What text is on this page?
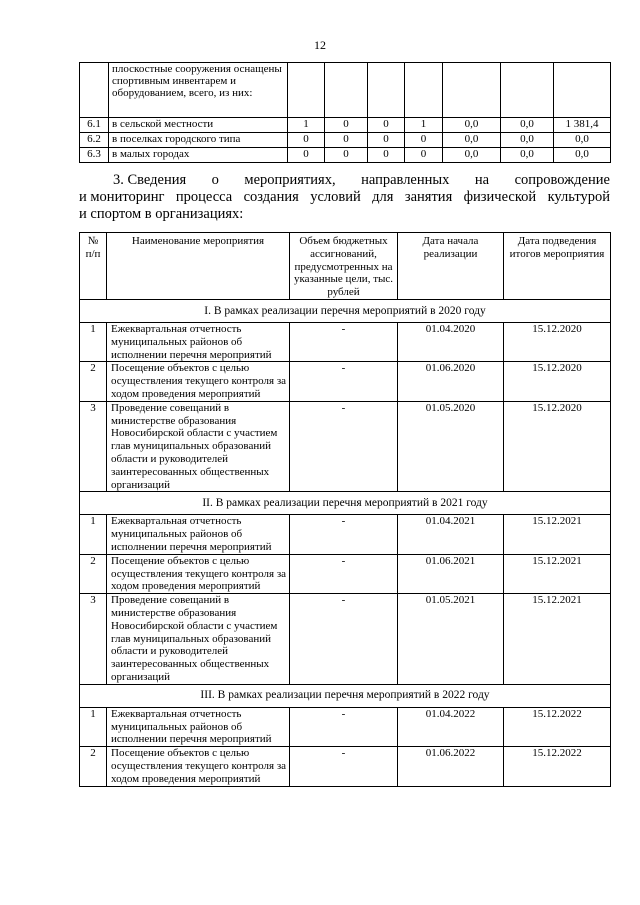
12
	плоскостные сооружения оснащены спортивным инвентарем и оборудованием, всего, из них:							
6.1	в сельской местности	1	0	0	1	0,0	0,0	1 381,4
6.2	в поселках городского типа	0	0	0	0	0,0	0,0	0,0
6.3	в малых городах	0	0	0	0	0,0	0,0	0,0
3. Сведения о мероприятиях, направленных на сопровождение
и мониторинг процесса создания условий для занятия физической культурой
и спортом в организациях:
№ п/п	Наименование мероприятия	Объем бюджетных ассигнований, предусмотренных на указанные цели, тыс. рублей	Дата начала реализации	Дата подведения итогов мероприятия
I. В рамках реализации перечня мероприятий в 2020 году				
1	Ежеквартальная отчетность муниципальных районов об исполнении перечня мероприятий	-	01.04.2020	15.12.2020
2	Посещение объектов с целью осуществления текущего контроля за ходом проведения мероприятий	-	01.06.2020	15.12.2020
3	Проведение совещаний в министерстве образования Новосибирской области с участием глав муниципальных образований области и руководителей заинтересованных общественных организаций	-	01.05.2020	15.12.2020
II. В рамках реализации перечня мероприятий в 2021 году				
1	Ежеквартальная отчетность муниципальных районов об исполнении перечня мероприятий	-	01.04.2021	15.12.2021
2	Посещение объектов с целью осуществления текущего контроля за ходом проведения мероприятий	-	01.06.2021	15.12.2021
3	Проведение совещаний в министерстве образования Новосибирской области с участием глав муниципальных образований области и руководителей заинтересованных общественных организаций	-	01.05.2021	15.12.2021
III. В рамках реализации перечня мероприятий в 2022 году				
1	Ежеквартальная отчетность муниципальных районов об исполнении перечня мероприятий	-	01.04.2022	15.12.2022
2	Посещение объектов с целью осуществления текущего контроля за ходом проведения мероприятий	-	01.06.2022	15.12.2022
